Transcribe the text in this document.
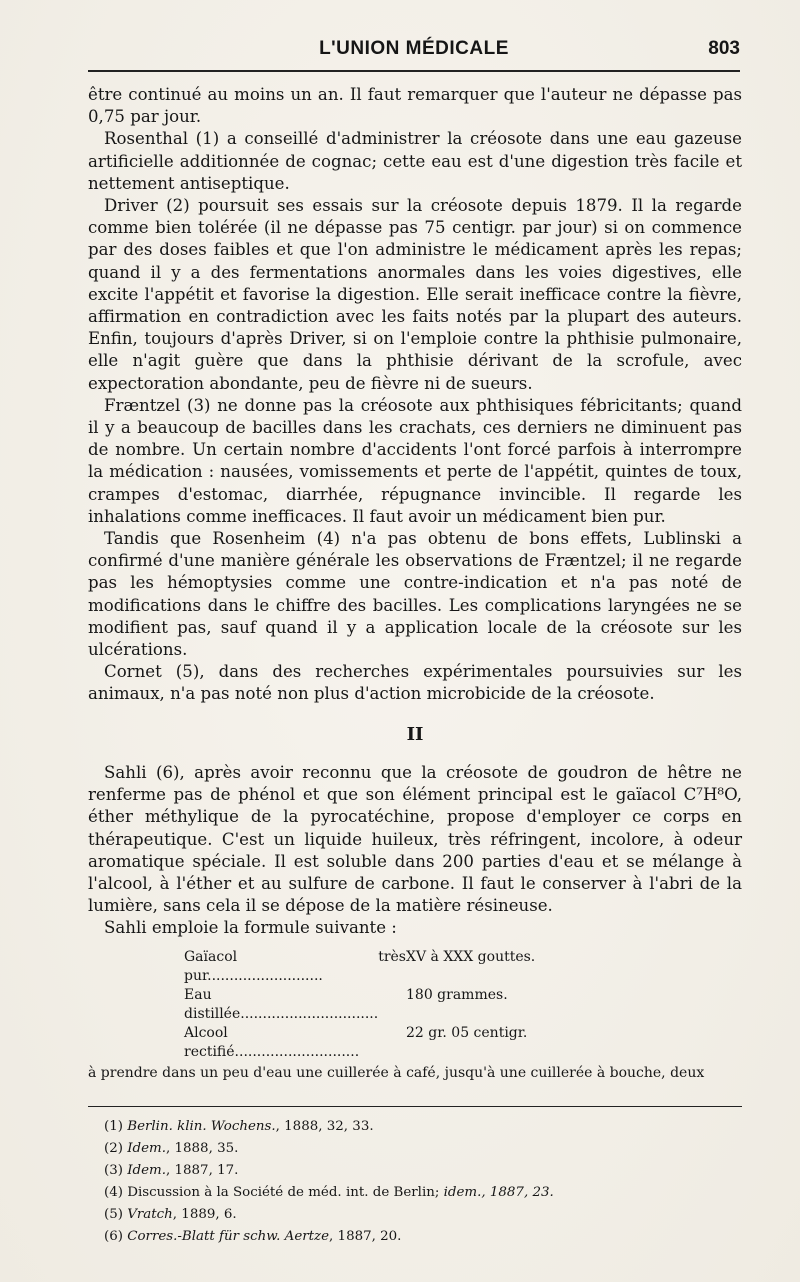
L'UNION MÉDICALE	803

être continué au moins un an. Il faut remarquer que l'auteur ne dépasse pas 0,75 par jour.

Rosenthal (1) a conseillé d'administrer la créosote dans une eau gazeuse artificielle additionnée de cognac; cette eau est d'une digestion très facile et nettement antiseptique.

Driver (2) poursuit ses essais sur la créosote depuis 1879. Il la regarde comme bien tolérée (il ne dépasse pas 75 centigr. par jour) si on commence par des doses faibles et que l'on administre le médicament après les repas; quand il y a des fermentations anormales dans les voies digestives, elle excite l'appétit et favorise la digestion. Elle serait inefficace contre la fièvre, affirmation en contradiction avec les faits notés par la plupart des auteurs. Enfin, toujours d'après Driver, si on l'emploie contre la phthisie pulmonaire, elle n'agit guère que dans la phthisie dérivant de la scrofule, avec expectoration abondante, peu de fièvre ni de sueurs.

Fræntzel (3) ne donne pas la créosote aux phthisiques fébricitants; quand il y a beaucoup de bacilles dans les crachats, ces derniers ne diminuent pas de nombre. Un certain nombre d'accidents l'ont forcé parfois à interrompre la médication : nausées, vomissements et perte de l'appétit, quintes de toux, crampes d'estomac, diarrhée, répugnance invincible. Il regarde les inhalations comme inefficaces. Il faut avoir un médicament bien pur.

Tandis que Rosenheim (4) n'a pas obtenu de bons effets, Lublinski a confirmé d'une manière générale les observations de Fræntzel; il ne regarde pas les hémoptysies comme une contre-indication et n'a pas noté de modifications dans le chiffre des bacilles. Les complications laryngées ne se modifient pas, sauf quand il y a application locale de la créosote sur les ulcérations.

Cornet (5), dans des recherches expérimentales poursuivies sur les animaux, n'a pas noté non plus d'action microbicide de la créosote.

II

Sahli (6), après avoir reconnu que la créosote de goudron de hêtre ne renferme pas de phénol et que son élément principal est le gaïacol C⁷H⁸O, éther méthylique de la pyrocatéchine, propose d'employer ce corps en thérapeutique. C'est un liquide huileux, très réfringent, incolore, à odeur aromatique spéciale. Il est soluble dans 200 parties d'eau et se mélange à l'alcool, à l'éther et au sulfure de carbone. Il faut le conserver à l'abri de la lumière, sans cela il se dépose de la matière résineuse.

Sahli emploie la formule suivante :

Gaïacol très pur..........................
XV à XXX gouttes.
Eau distillée...............................
180 grammes.
Alcool rectifié............................
22 gr. 05 centigr.
à prendre dans un peu d'eau une cuillerée à café, jusqu'à une cuillerée à bouche, deux
(1) Berlin. klin. Wochens., 1888, 32, 33.
(2) Idem., 1888, 35.
(3) Idem., 1887, 17.
(4) Discussion à la Société de méd. int. de Berlin; idem., 1887, 23.
(5) Vratch, 1889, 6.
(6) Corres.-Blatt für schw. Aertze, 1887, 20.
